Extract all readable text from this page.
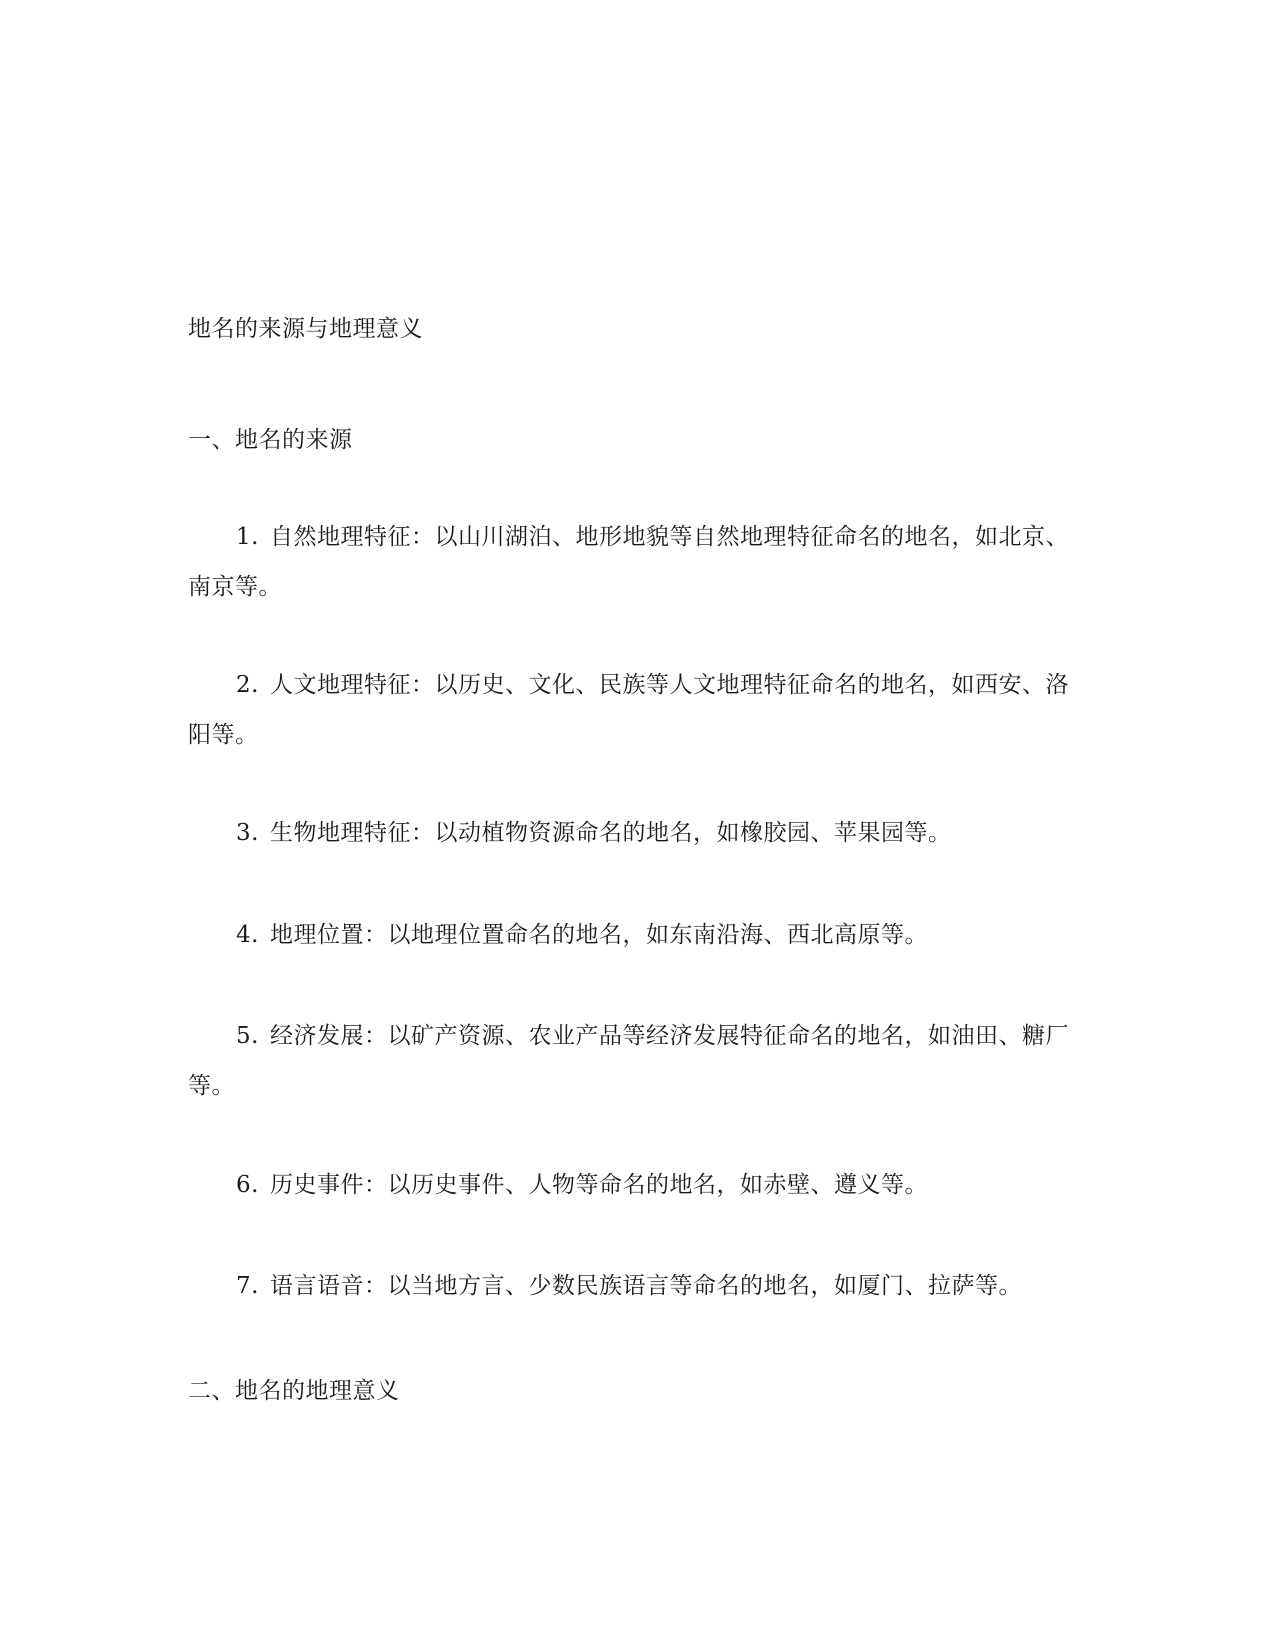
地名的来源与地理意义
一、地名的来源
1. 自然地理特征：以山川湖泊、地形地貌等自然地理特征命名的地名，如北京、南京等。
2. 人文地理特征：以历史、文化、民族等人文地理特征命名的地名，如西安、洛阳等。
3. 生物地理特征：以动植物资源命名的地名，如橡胶园、苹果园等。
4. 地理位置：以地理位置命名的地名，如东南沿海、西北高原等。
5. 经济发展：以矿产资源、农业产品等经济发展特征命名的地名，如油田、糖厂等。
6. 历史事件：以历史事件、人物等命名的地名，如赤壁、遵义等。
7. 语言语音：以当地方言、少数民族语言等命名的地名，如厦门、拉萨等。
二、地名的地理意义
